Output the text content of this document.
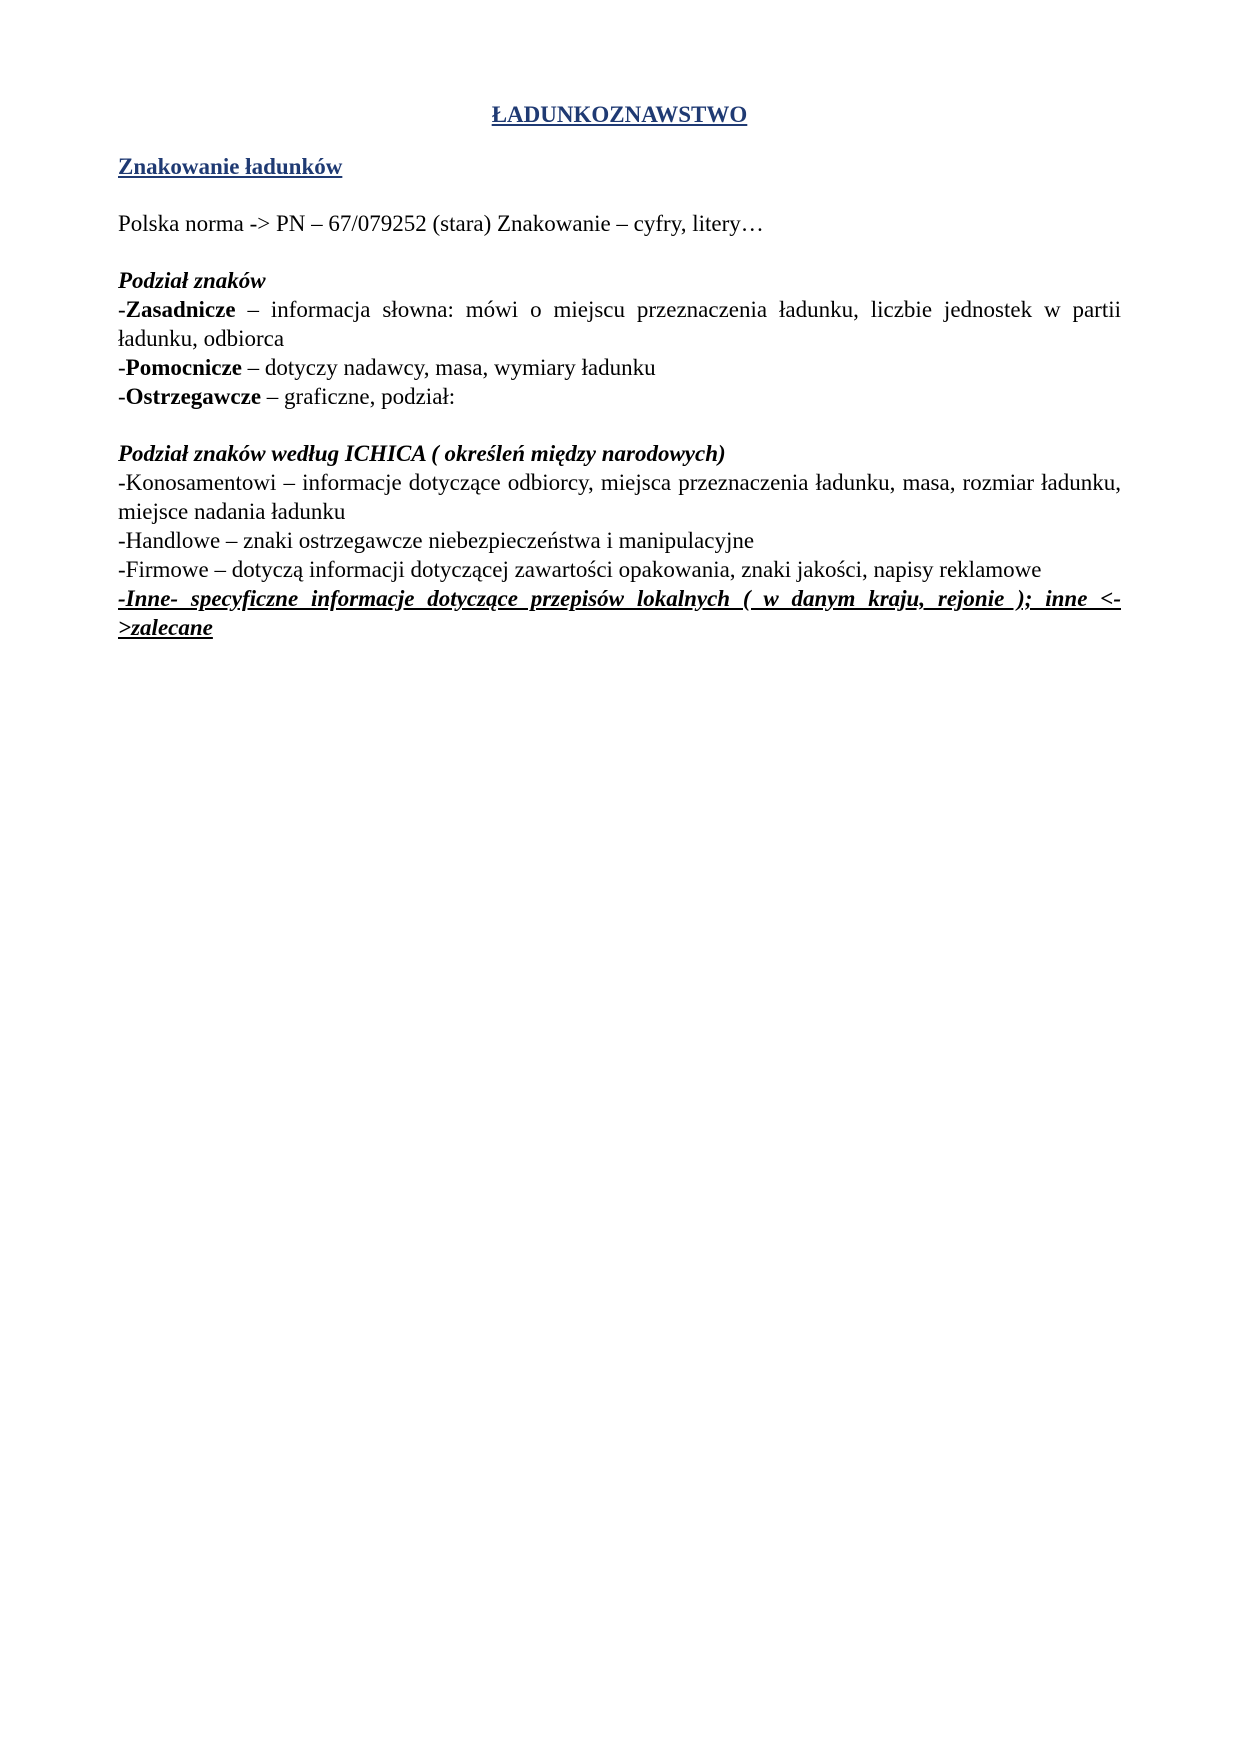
ŁADUNKOZNAWSTWO

Znakowanie ładunków

Polska norma -> PN – 67/079252 (stara) Znakowanie – cyfry, litery…

Podział znaków

-Zasadnicze – informacja słowna: mówi o miejscu przeznaczenia ładunku, liczbie jednostek w partii ładunku, odbiorca

-Pomocnicze – dotyczy nadawcy, masa, wymiary ładunku

-Ostrzegawcze – graficzne, podział:

Podział znaków według ICHICA ( określeń między narodowych)

-Konosamentowi – informacje dotyczące odbiorcy, miejsca przeznaczenia ładunku, masa, rozmiar ładunku, miejsce nadania ładunku

-Handlowe – znaki ostrzegawcze niebezpieczeństwa i manipulacyjne

-Firmowe – dotyczą informacji dotyczącej zawartości opakowania, znaki jakości, napisy reklamowe

-Inne- specyficzne informacje dotyczące przepisów lokalnych ( w danym kraju, rejonie ); inne <->zalecane
